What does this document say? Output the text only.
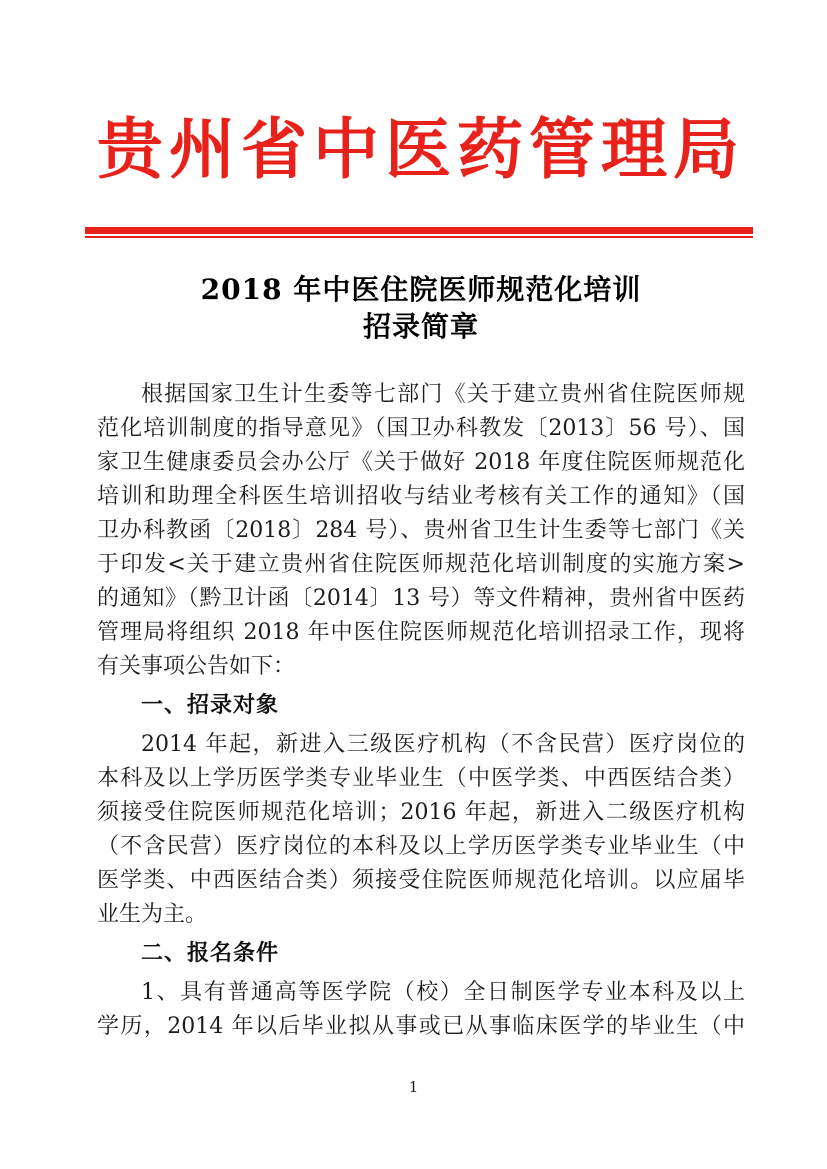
贵州省中医药管理局
2018 年中医住院医师规范化培训
招录简章
根据国家卫生计生委等七部门《关于建立贵州省住院医师规
范化培训制度的指导意见》（国卫办科教发〔2013〕56 号）、国
家卫生健康委员会办公厅《关于做好 2018 年度住院医师规范化
培训和助理全科医生培训招收与结业考核有关工作的通知》（国
卫办科教函〔2018〕284 号）、贵州省卫生计生委等七部门《关
于印发<关于建立贵州省住院医师规范化培训制度的实施方案>
的通知》（黔卫计函〔2014〕13 号）等文件精神，贵州省中医药
管理局将组织 2018 年中医住院医师规范化培训招录工作，现将
有关事项公告如下：
一、招录对象
2014 年起，新进入三级医疗机构（不含民营）医疗岗位的
本科及以上学历医学类专业毕业生（中医学类、中西医结合类）
须接受住院医师规范化培训；2016 年起，新进入二级医疗机构
（不含民营）医疗岗位的本科及以上学历医学类专业毕业生（中
医学类、中西医结合类）须接受住院医师规范化培训。以应届毕
业生为主。
二、报名条件
1、具有普通高等医学院（校）全日制医学专业本科及以上
学历，2014 年以后毕业拟从事或已从事临床医学的毕业生（中
1
